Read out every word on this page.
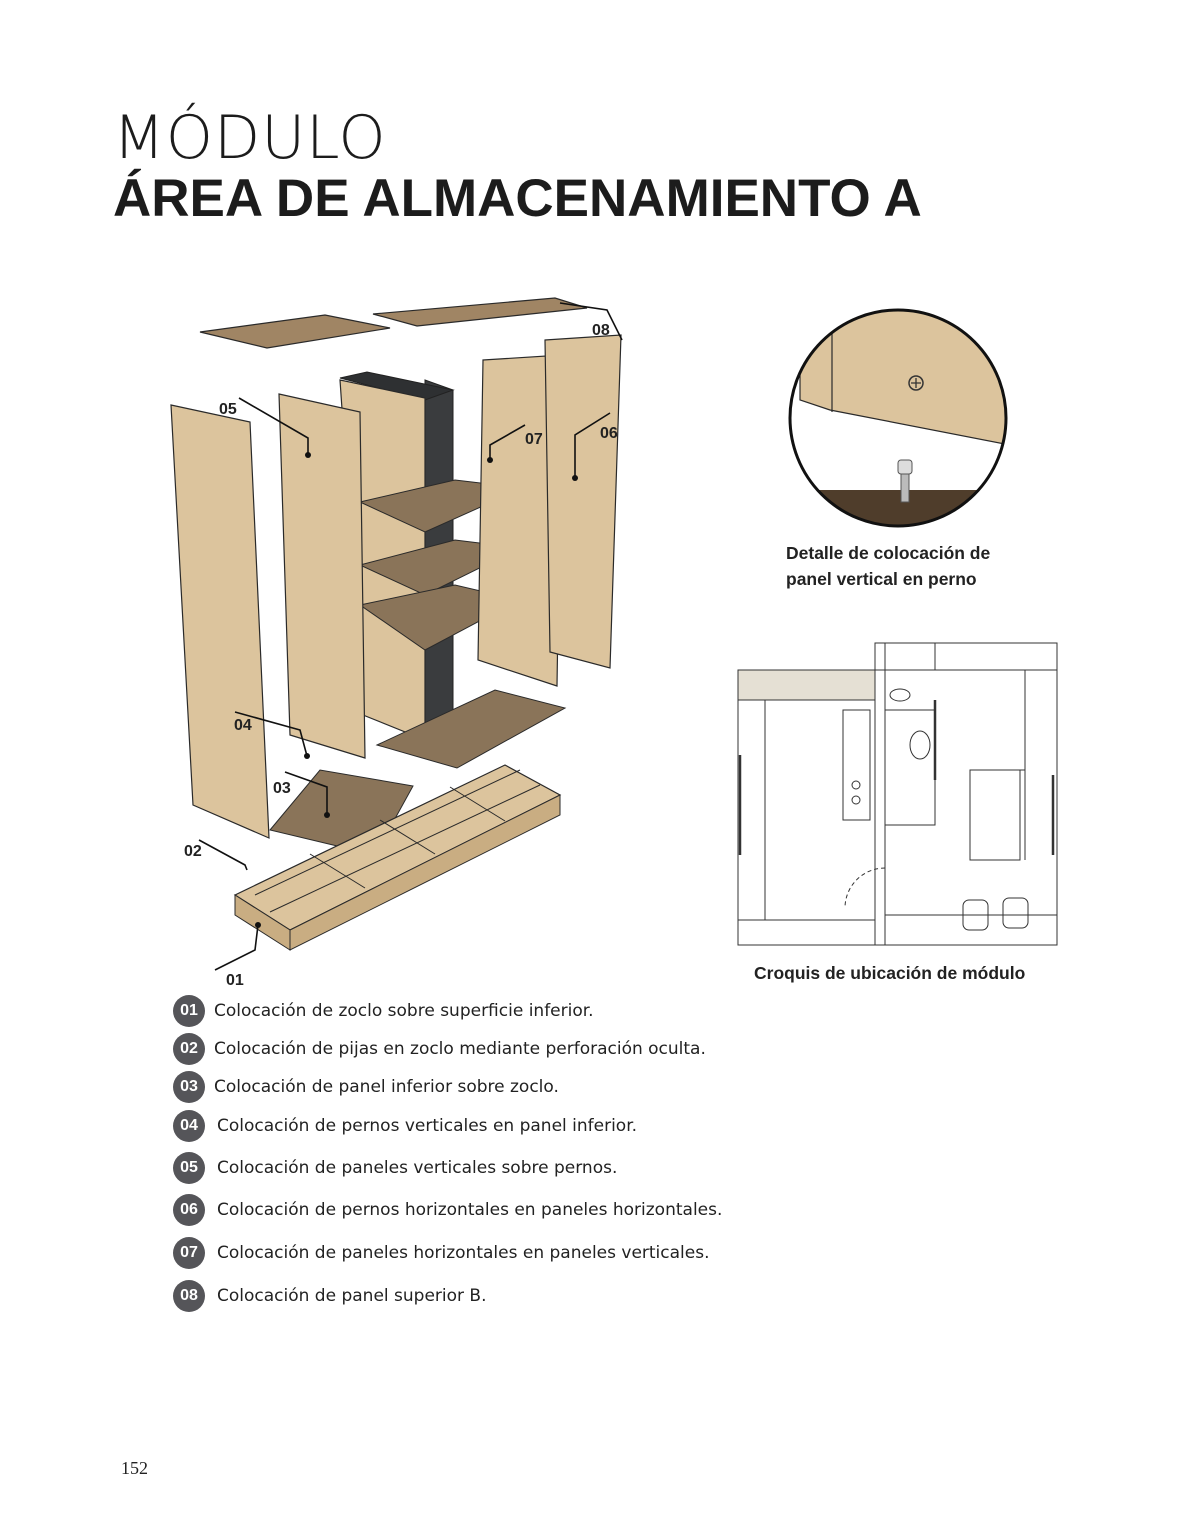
MÓDULO
ÁREA DE ALMACENAMIENTO A
05
07	06
08
04
03
02
01
Detalle de colocación de
panel vertical en perno
Croquis de ubicación de módulo
01 Colocación de zoclo sobre superficie inferior.
02 Colocación de pijas en zoclo mediante perforación oculta.
03 Colocación de panel inferior sobre zoclo.
04	Colocación de pernos verticales en panel inferior.
05	Colocación de paneles verticales sobre pernos.
06	Colocación de pernos horizontales en paneles horizontales.
07	Colocación de paneles horizontales en paneles verticales.
08	Colocación de panel superior B.
152
